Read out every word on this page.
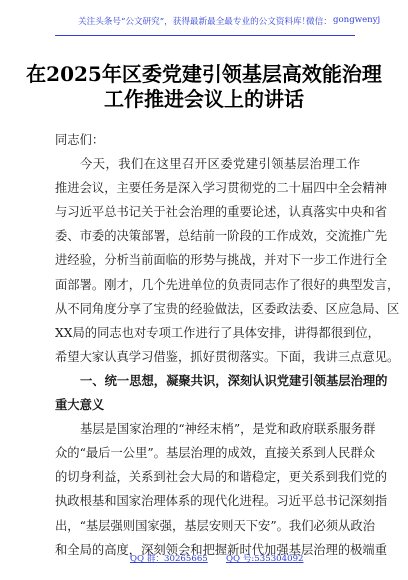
关注头条号“公文研究”，获得最新最全最专业的公文资料库！
微信： gongwenyj
在2025年区委党建引领基层高效能治理
工作推进会议上的讲话
同志们：
今天，我们在这里召开区委党建引领基层治理工作
推进会议，主要任务是深入学习贯彻党的二十届四中全会精神
与习近平总书记关于社会治理的重要论述，认真落实中央和省
委、市委的决策部署，总结前一阶段的工作成效，交流推广先
进经验，分析当前面临的形势与挑战，并对下一步工作进行全
面部署。刚才，几个先进单位的负责同志作了很好的典型发言，
从不同角度分享了宝贵的经验做法，区委政法委、区应急局、区
XX局的同志也对专项工作进行了具体安排，讲得都很到位，
希望大家认真学习借鉴，抓好贯彻落实。下面，我讲三点意见。
一、统一思想，凝聚共识，深刻认识党建引领基层治理的
重大意义
基层是国家治理的“神经末梢”，是党和政府联系服务群
众的“最后一公里”。基层治理的成效，直接关系到人民群众
的切身利益，关系到社会大局的和谐稳定，更关系到我们党的
执政根基和国家治理体系的现代化进程。习近平总书记深刻指
出，“基层强则国家强，基层安则天下安”。我们必须从政治
和全局的高度，深刻领会和把握新时代加强基层治理的极端重
QQ 群：30265665 QQ 号:535304092
